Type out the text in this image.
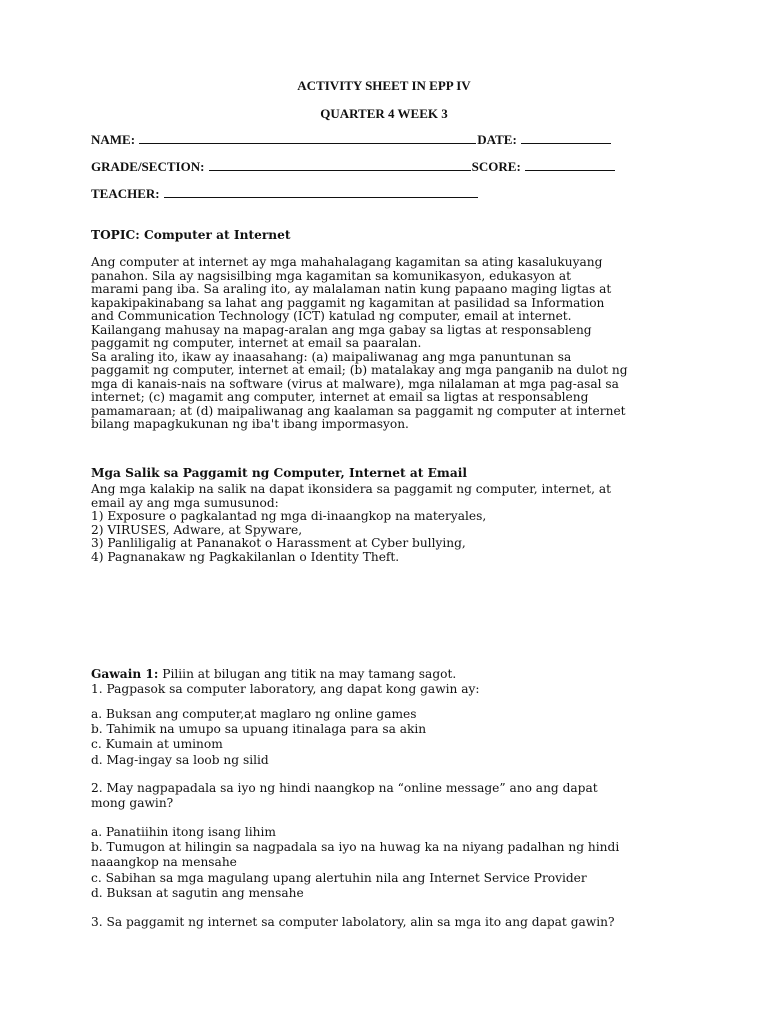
ACTIVITY SHEET IN EPP IV
QUARTER 4 WEEK 3
NAME:	DATE:
GRADE/SECTION:	SCORE:
TEACHER:
TOPIC: Computer at Internet
Ang computer at internet ay mga mahahalagang kagamitan sa ating kasalukuyang
panahon. Sila ay nagsisilbing mga kagamitan sa komunikasyon, edukasyon at
marami pang iba. Sa araling ito, ay malalaman natin kung papaano maging ligtas at
kapakipakinabang sa lahat ang paggamit ng kagamitan at pasilidad sa Information
and Communication Technology (ICT) katulad ng computer, email at internet.
Kailangang mahusay na mapag-aralan ang mga gabay sa ligtas at responsableng
paggamit ng computer, internet at email sa paaralan.
Sa araling ito, ikaw ay inaasahang: (a) maipaliwanag ang mga panuntunan sa
paggamit ng computer, internet at email; (b) matalakay ang mga panganib na dulot ng
mga di kanais-nais na software (virus at malware), mga nilalaman at mga pag-asal sa
internet; (c) magamit ang computer, internet at email sa ligtas at responsableng
pamamaraan; at (d) maipaliwanag ang kaalaman sa paggamit ng computer at internet
bilang mapagkukunan ng iba't ibang impormasyon.
Mga Salik sa Paggamit ng Computer, Internet at Email
Ang mga kalakip na salik na dapat ikonsidera sa paggamit ng computer, internet, at
email ay ang mga sumusunod:
1) Exposure o pagkalantad ng mga di-inaangkop na materyales,
2) VIRUSES, Adware, at Spyware,
3) Panliligalig at Pananakot o Harassment at Cyber bullying,
4) Pagnanakaw ng Pagkakilanlan o Identity Theft.
Gawain 1: Piliin at bilugan ang titik na may tamang sagot.
1. Pagpasok sa computer laboratory, ang dapat kong gawin ay:
a. Buksan ang computer,at maglaro ng online games
b. Tahimik na umupo sa upuang itinalaga para sa akin
c. Kumain at uminom
d. Mag-ingay sa loob ng silid
2. May nagpapadala sa iyo ng hindi naangkop na “online message” ano ang dapat
mong gawin?
a. Panatiihin itong isang lihim
b. Tumugon at hilingin sa nagpadala sa iyo na huwag ka na niyang padalhan ng hindi
naaangkop na mensahe
c. Sabihan sa mga magulang upang alertuhin nila ang Internet Service Provider
d. Buksan at sagutin ang mensahe
3. Sa paggamit ng internet sa computer labolatory, alin sa mga ito ang dapat gawin?
